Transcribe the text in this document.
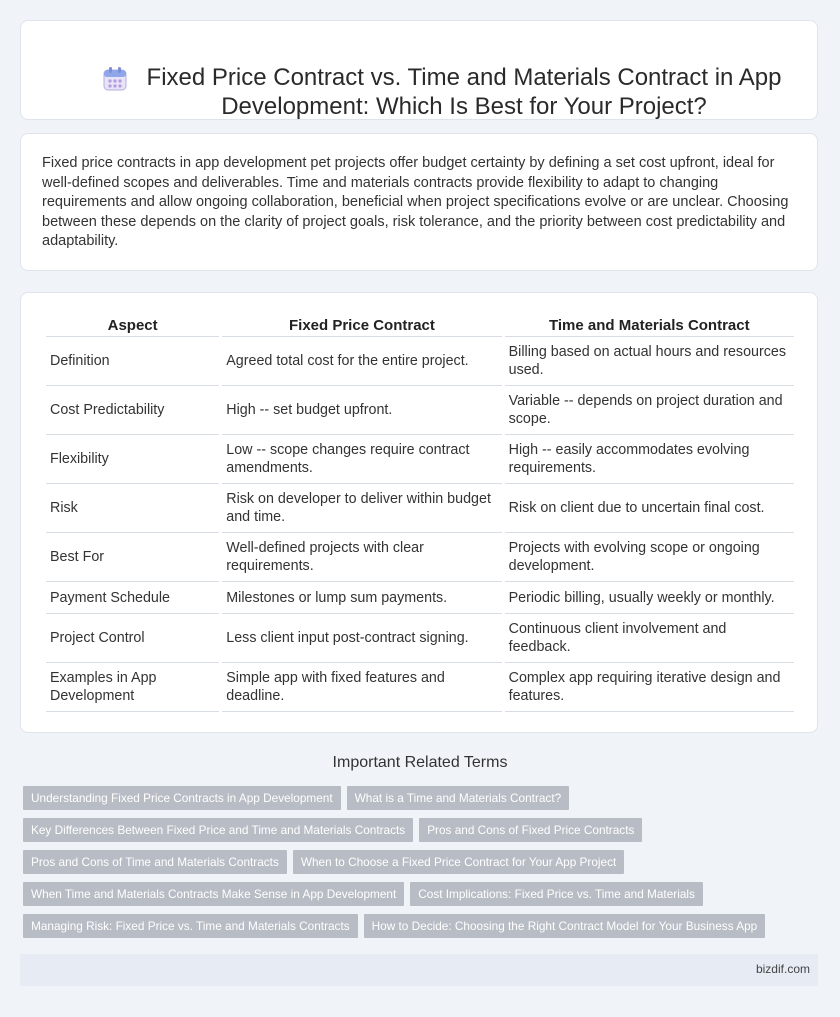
Fixed Price Contract vs. Time and Materials Contract in App Development: Which Is Best for Your Project?

Fixed price contracts in app development pet projects offer budget certainty by defining a set cost upfront, ideal for well-defined scopes and deliverables. Time and materials contracts provide flexibility to adapt to changing requirements and allow ongoing collaboration, beneficial when project specifications evolve or are unclear. Choosing between these depends on the clarity of project goals, risk tolerance, and the priority between cost predictability and adaptability.

Aspect	Fixed Price Contract	Time and Materials Contract
Definition	Agreed total cost for the entire project.	Billing based on actual hours and resources used.
Cost Predictability	High -- set budget upfront.	Variable -- depends on project duration and scope.
Flexibility	Low -- scope changes require contract amendments.	High -- easily accommodates evolving requirements.
Risk	Risk on developer to deliver within budget and time.	Risk on client due to uncertain final cost.
Best For	Well-defined projects with clear requirements.	Projects with evolving scope or ongoing development.
Payment Schedule	Milestones or lump sum payments.	Periodic billing, usually weekly or monthly.
Project Control	Less client input post-contract signing.	Continuous client involvement and feedback.
Examples in App Development	Simple app with fixed features and deadline.	Complex app requiring iterative design and features.
Important Related Terms
Understanding Fixed Price Contracts in App Development	What is a Time and Materials Contract?
Key Differences Between Fixed Price and Time and Materials Contracts	Pros and Cons of Fixed Price Contracts
Pros and Cons of Time and Materials Contracts	When to Choose a Fixed Price Contract for Your App Project
When Time and Materials Contracts Make Sense in App Development	Cost Implications: Fixed Price vs. Time and Materials
Managing Risk: Fixed Price vs. Time and Materials Contracts	How to Decide: Choosing the Right Contract Model for Your Business App
bizdif.com
